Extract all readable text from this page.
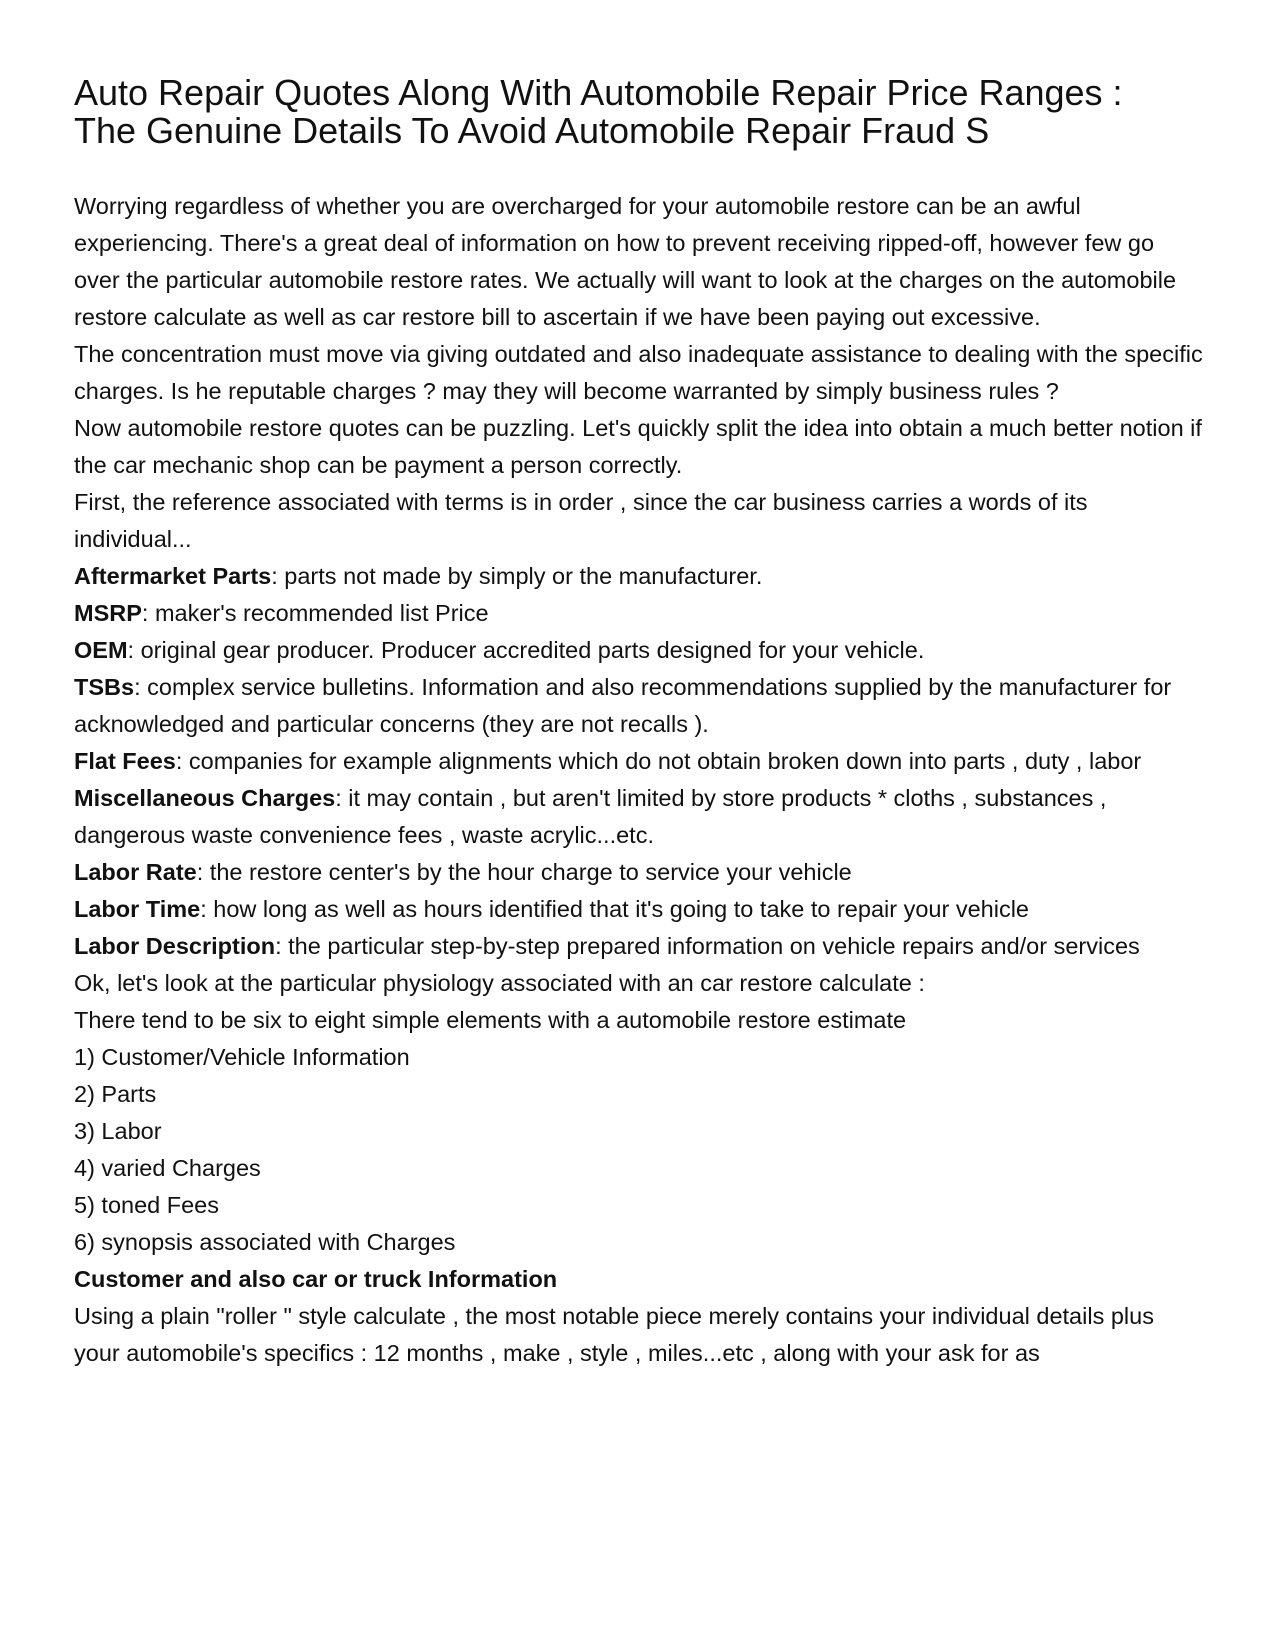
Auto Repair Quotes Along With Automobile Repair Price Ranges :
The Genuine Details To Avoid Automobile Repair Fraud S

Worrying regardless of whether you are overcharged for your automobile restore can be an awful experiencing. There's a great deal of information on how to prevent receiving ripped-off, however few go over the particular automobile restore rates. We actually will want to look at the charges on the automobile restore calculate as well as car restore bill to ascertain if we have been paying out excessive.

The concentration must move via giving outdated and also inadequate assistance to dealing with the specific charges. Is he reputable charges ? may they will become warranted by simply business rules ?

Now automobile restore quotes can be puzzling. Let's quickly split the idea into obtain a much better notion if the car mechanic shop can be payment a person correctly.

First, the reference associated with terms is in order , since the car business carries a words of its individual...

Aftermarket Parts: parts not made by simply or the manufacturer.

MSRP: maker's recommended list Price

OEM: original gear producer. Producer accredited parts designed for your vehicle.

TSBs: complex service bulletins. Information and also recommendations supplied by the manufacturer for acknowledged and particular concerns (they are not recalls ).

Flat Fees: companies for example alignments which do not obtain broken down into parts , duty , labor

Miscellaneous Charges: it may contain , but aren't limited by store products * cloths , substances , dangerous waste convenience fees , waste acrylic...etc.

Labor Rate: the restore center's by the hour charge to service your vehicle

Labor Time: how long as well as hours identified that it's going to take to repair your vehicle

Labor Description: the particular step-by-step prepared information on vehicle repairs and/or services

Ok, let's look at the particular physiology associated with an car restore calculate :

There tend to be six to eight simple elements with a automobile restore estimate

1) Customer/Vehicle Information

2) Parts

3) Labor

4) varied Charges

5) toned Fees

6) synopsis associated with Charges

Customer and also car or truck Information

Using a plain "roller " style calculate , the most notable piece merely contains your individual details plus your automobile's specifics : 12 months , make , style , miles...etc , along with your ask for as
